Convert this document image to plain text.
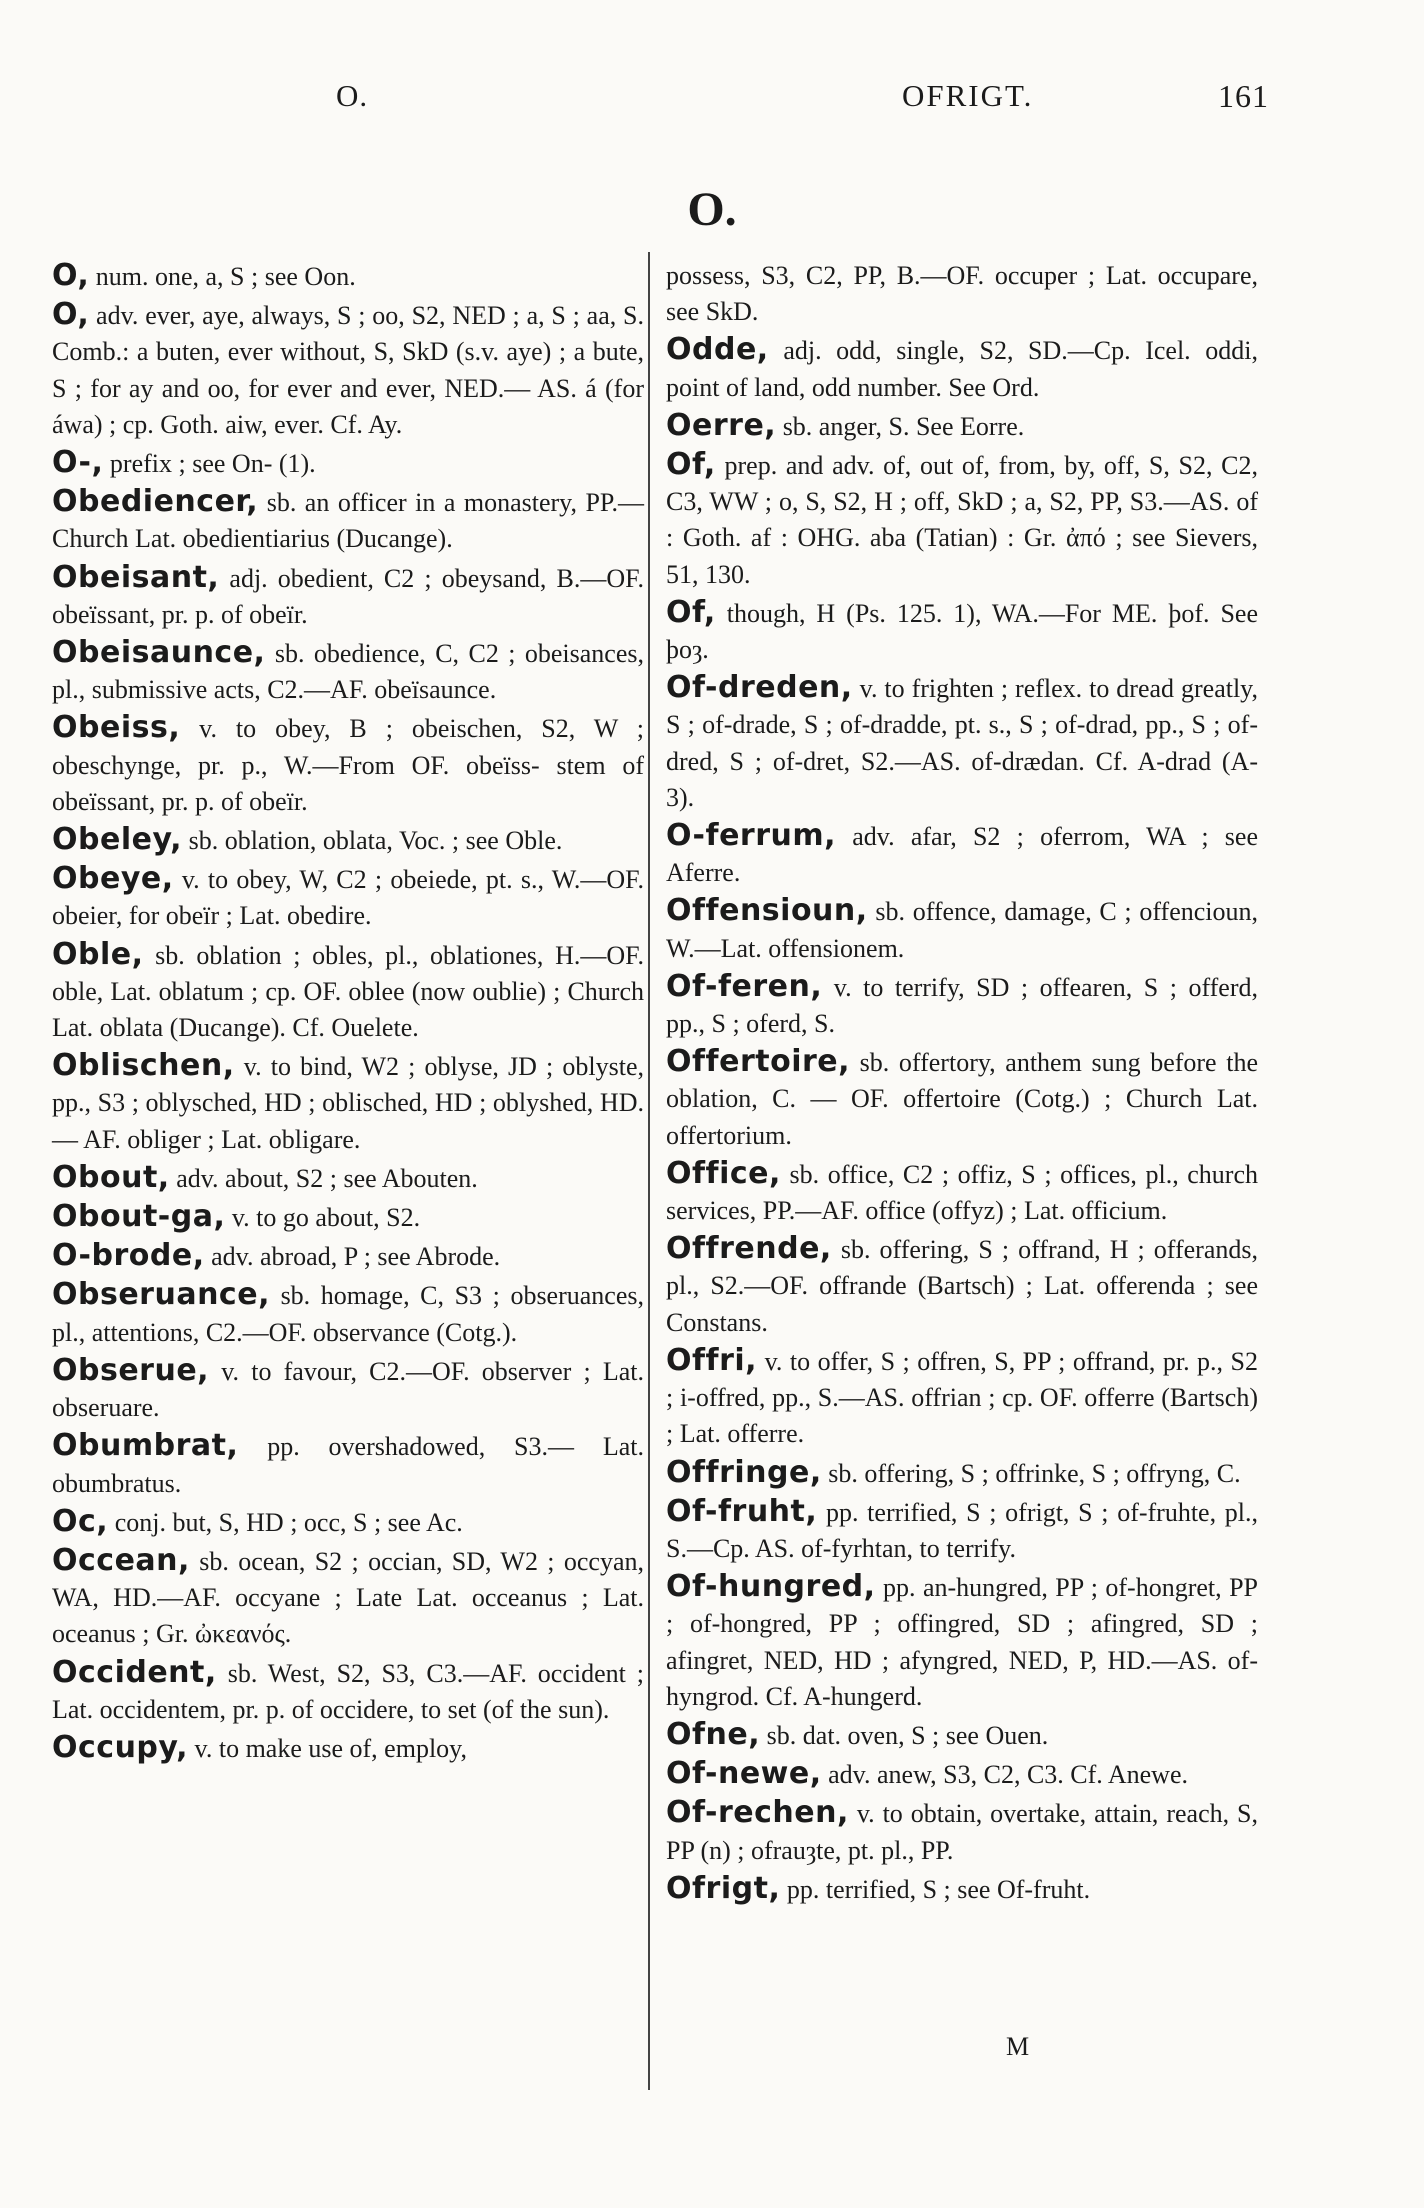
O.	OFRIGT.	161
O.
O, num. one, a, S ; see Oon.
O, adv. ever, aye, always, S ; oo, S2, NED ; a, S ; aa, S. Comb.: a buten, ever without, S, SkD (s.v. aye) ; a bute, S ; for ay and oo, for ever and ever, NED.— AS. á (for áwa) ; cp. Goth. aiw, ever. Cf. Ay.
O-, prefix ; see On- (1).
Obediencer, sb. an officer in a monastery, PP.— Church Lat. obedientiarius (Ducange).
Obeisant, adj. obedient, C2 ; obeysand, B.—OF. obeïssant, pr. p. of obeïr.
Obeisaunce, sb. obedience, C, C2 ; obeisances, pl., submissive acts, C2.—AF. obeïsaunce.
Obeiss, v. to obey, B ; obeischen, S2, W ; obeschynge, pr. p., W.—From OF. obeïss- stem of obeïssant, pr. p. of obeïr.
Obeley, sb. oblation, oblata, Voc. ; see Oble.
Obeye, v. to obey, W, C2 ; obeiede, pt. s., W.—OF. obeier, for obeïr ; Lat. obedire.
Oble, sb. oblation ; obles, pl., oblationes, H.—OF. oble, Lat. oblatum ; cp. OF. oblee (now oublie) ; Church Lat. oblata (Ducange). Cf. Ouelete.
Oblischen, v. to bind, W2 ; oblyse, JD ; oblyste, pp., S3 ; oblysched, HD ; oblisched, HD ; oblyshed, HD.— AF. obliger ; Lat. obligare.
Obout, adv. about, S2 ; see Abouten.
Obout-ga, v. to go about, S2.
O-brode, adv. abroad, P ; see Abrode.
Obseruance, sb. homage, C, S3 ; obseruances, pl., attentions, C2.—OF. observance (Cotg.).
Obserue, v. to favour, C2.—OF. observer ; Lat. obseruare.
Obumbrat, pp. overshadowed, S3.— Lat. obumbratus.
Oc, conj. but, S, HD ; occ, S ; see Ac.
Occean, sb. ocean, S2 ; occian, SD, W2 ; occyan, WA, HD.—AF. occyane ; Late Lat. occeanus ; Lat. oceanus ; Gr. ὠκεανός.
Occident, sb. West, S2, S3, C3.—AF. occident ; Lat. occidentem, pr. p. of occidere, to set (of the sun).
Occupy, v. to make use of, employ,
possess, S3, C2, PP, B.—OF. occuper ; Lat. occupare, see SkD.
Odde, adj. odd, single, S2, SD.—Cp. Icel. oddi, point of land, odd number. See Ord.
Oerre, sb. anger, S. See Eorre.
Of, prep. and adv. of, out of, from, by, off, S, S2, C2, C3, WW ; o, S, S2, H ; off, SkD ; a, S2, PP, S3.—AS. of : Goth. af : OHG. aba (Tatian) : Gr. ἀπό ; see Sievers, 51, 130.
Of, though, H (Ps. 125. 1), WA.—For ME. þof. See þoȝ.
Of-dreden, v. to frighten ; reflex. to dread greatly, S ; of-drade, S ; of-dradde, pt. s., S ; of-drad, pp., S ; of-dred, S ; of-dret, S2.—AS. of-drædan. Cf. A-drad (A- 3).
O-ferrum, adv. afar, S2 ; oferrom, WA ; see Aferre.
Offensioun, sb. offence, damage, C ; offencioun, W.—Lat. offensionem.
Of-feren, v. to terrify, SD ; offearen, S ; offerd, pp., S ; oferd, S.
Offertoire, sb. offertory, anthem sung before the oblation, C. — OF. offertoire (Cotg.) ; Church Lat. offertorium.
Office, sb. office, C2 ; offiz, S ; offices, pl., church services, PP.—AF. office (offyz) ; Lat. officium.
Offrende, sb. offering, S ; offrand, H ; offerands, pl., S2.—OF. offrande (Bartsch) ; Lat. offerenda ; see Constans.
Offri, v. to offer, S ; offren, S, PP ; offrand, pr. p., S2 ; i-offred, pp., S.—AS. offrian ; cp. OF. offerre (Bartsch) ; Lat. offerre.
Offringe, sb. offering, S ; offrinke, S ; offryng, C.
Of-fruht, pp. terrified, S ; ofrigt, S ; of-fruhte, pl., S.—Cp. AS. of-fyrhtan, to terrify.
Of-hungred, pp. an-hungred, PP ; of-hongret, PP ; of-hongred, PP ; offingred, SD ; afingred, SD ; afingret, NED, HD ; afyngred, NED, P, HD.—AS. of-hyngrod. Cf. A-hungerd.
Ofne, sb. dat. oven, S ; see Ouen.
Of-newe, adv. anew, S3, C2, C3. Cf. Anewe.
Of-rechen, v. to obtain, overtake, attain, reach, S, PP (n) ; ofrauȝte, pt. pl., PP.
Ofrigt, pp. terrified, S ; see Of-fruht.
M
